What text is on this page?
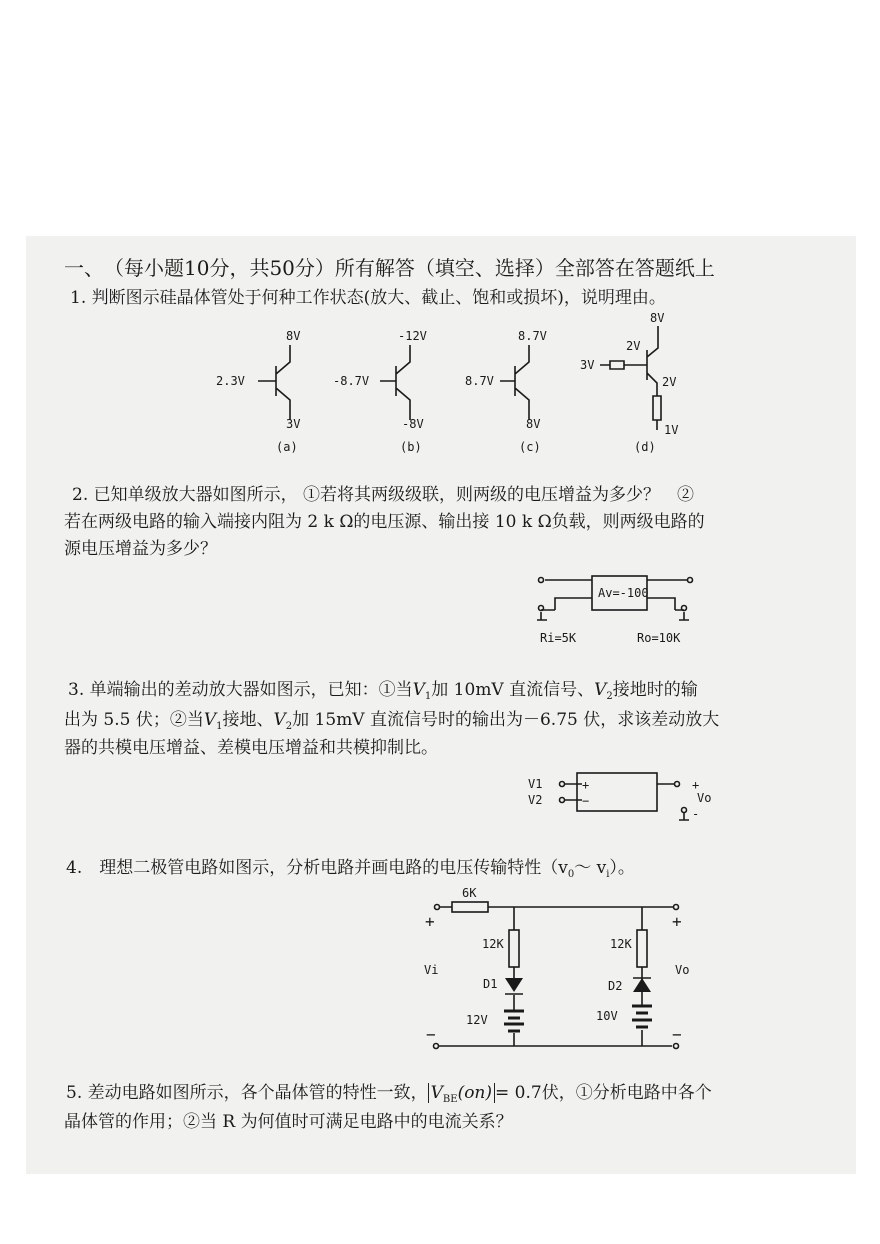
一、　 （每小题10分，共50分）所有解答（填空、选择）全部答在答题纸上
1. 判断图示硅晶体管处于何种工作状态(放大、截止、饱和或损坏)，说明理由。
2. 已知单级放大器如图所示， ①若将其两级级联，则两级的电压增益为多少？　②
若在两级电路的输入端接内阻为 2 k Ω的电压源、输出接 10 k Ω负载，则两级电路的
源电压增益为多少？
3. 单端输出的差动放大器如图示，已知：①当$V_1$加 10mV 直流信号、$V_2$接地时的输
出为 5.5 伏；②当$V_1$接地、$V_2$加 15mV 直流信号时的输出为－6.75 伏，求该差动放大
器的共模电压增益、差模电压增益和共模抑制比。
4.　理想二极管电路如图示，分析电路并画电路的电压传输特性（$v_0\sim$ $v_i$）。
5. 差动电路如图所示，各个晶体管的特性一致， $V_{BE}(on) = 0.7$伏，①分析电路中各个
晶体管的作用；②当 R 为何值时可满足电路中的电流关系？
8V
2.3V
3V
(a)
-12V
-8.7V
-8V
(b)
8.7V
8.7V
8V
(c)
8V
2V
3V
2V
1V
(d)
Av=-100
Ri=5K	Ro=10K
V1
V2
+
−
+
Vo
-
6K
12K	12K
Vi	Vo
D1	D2
12V	10V
+	+
−	−
